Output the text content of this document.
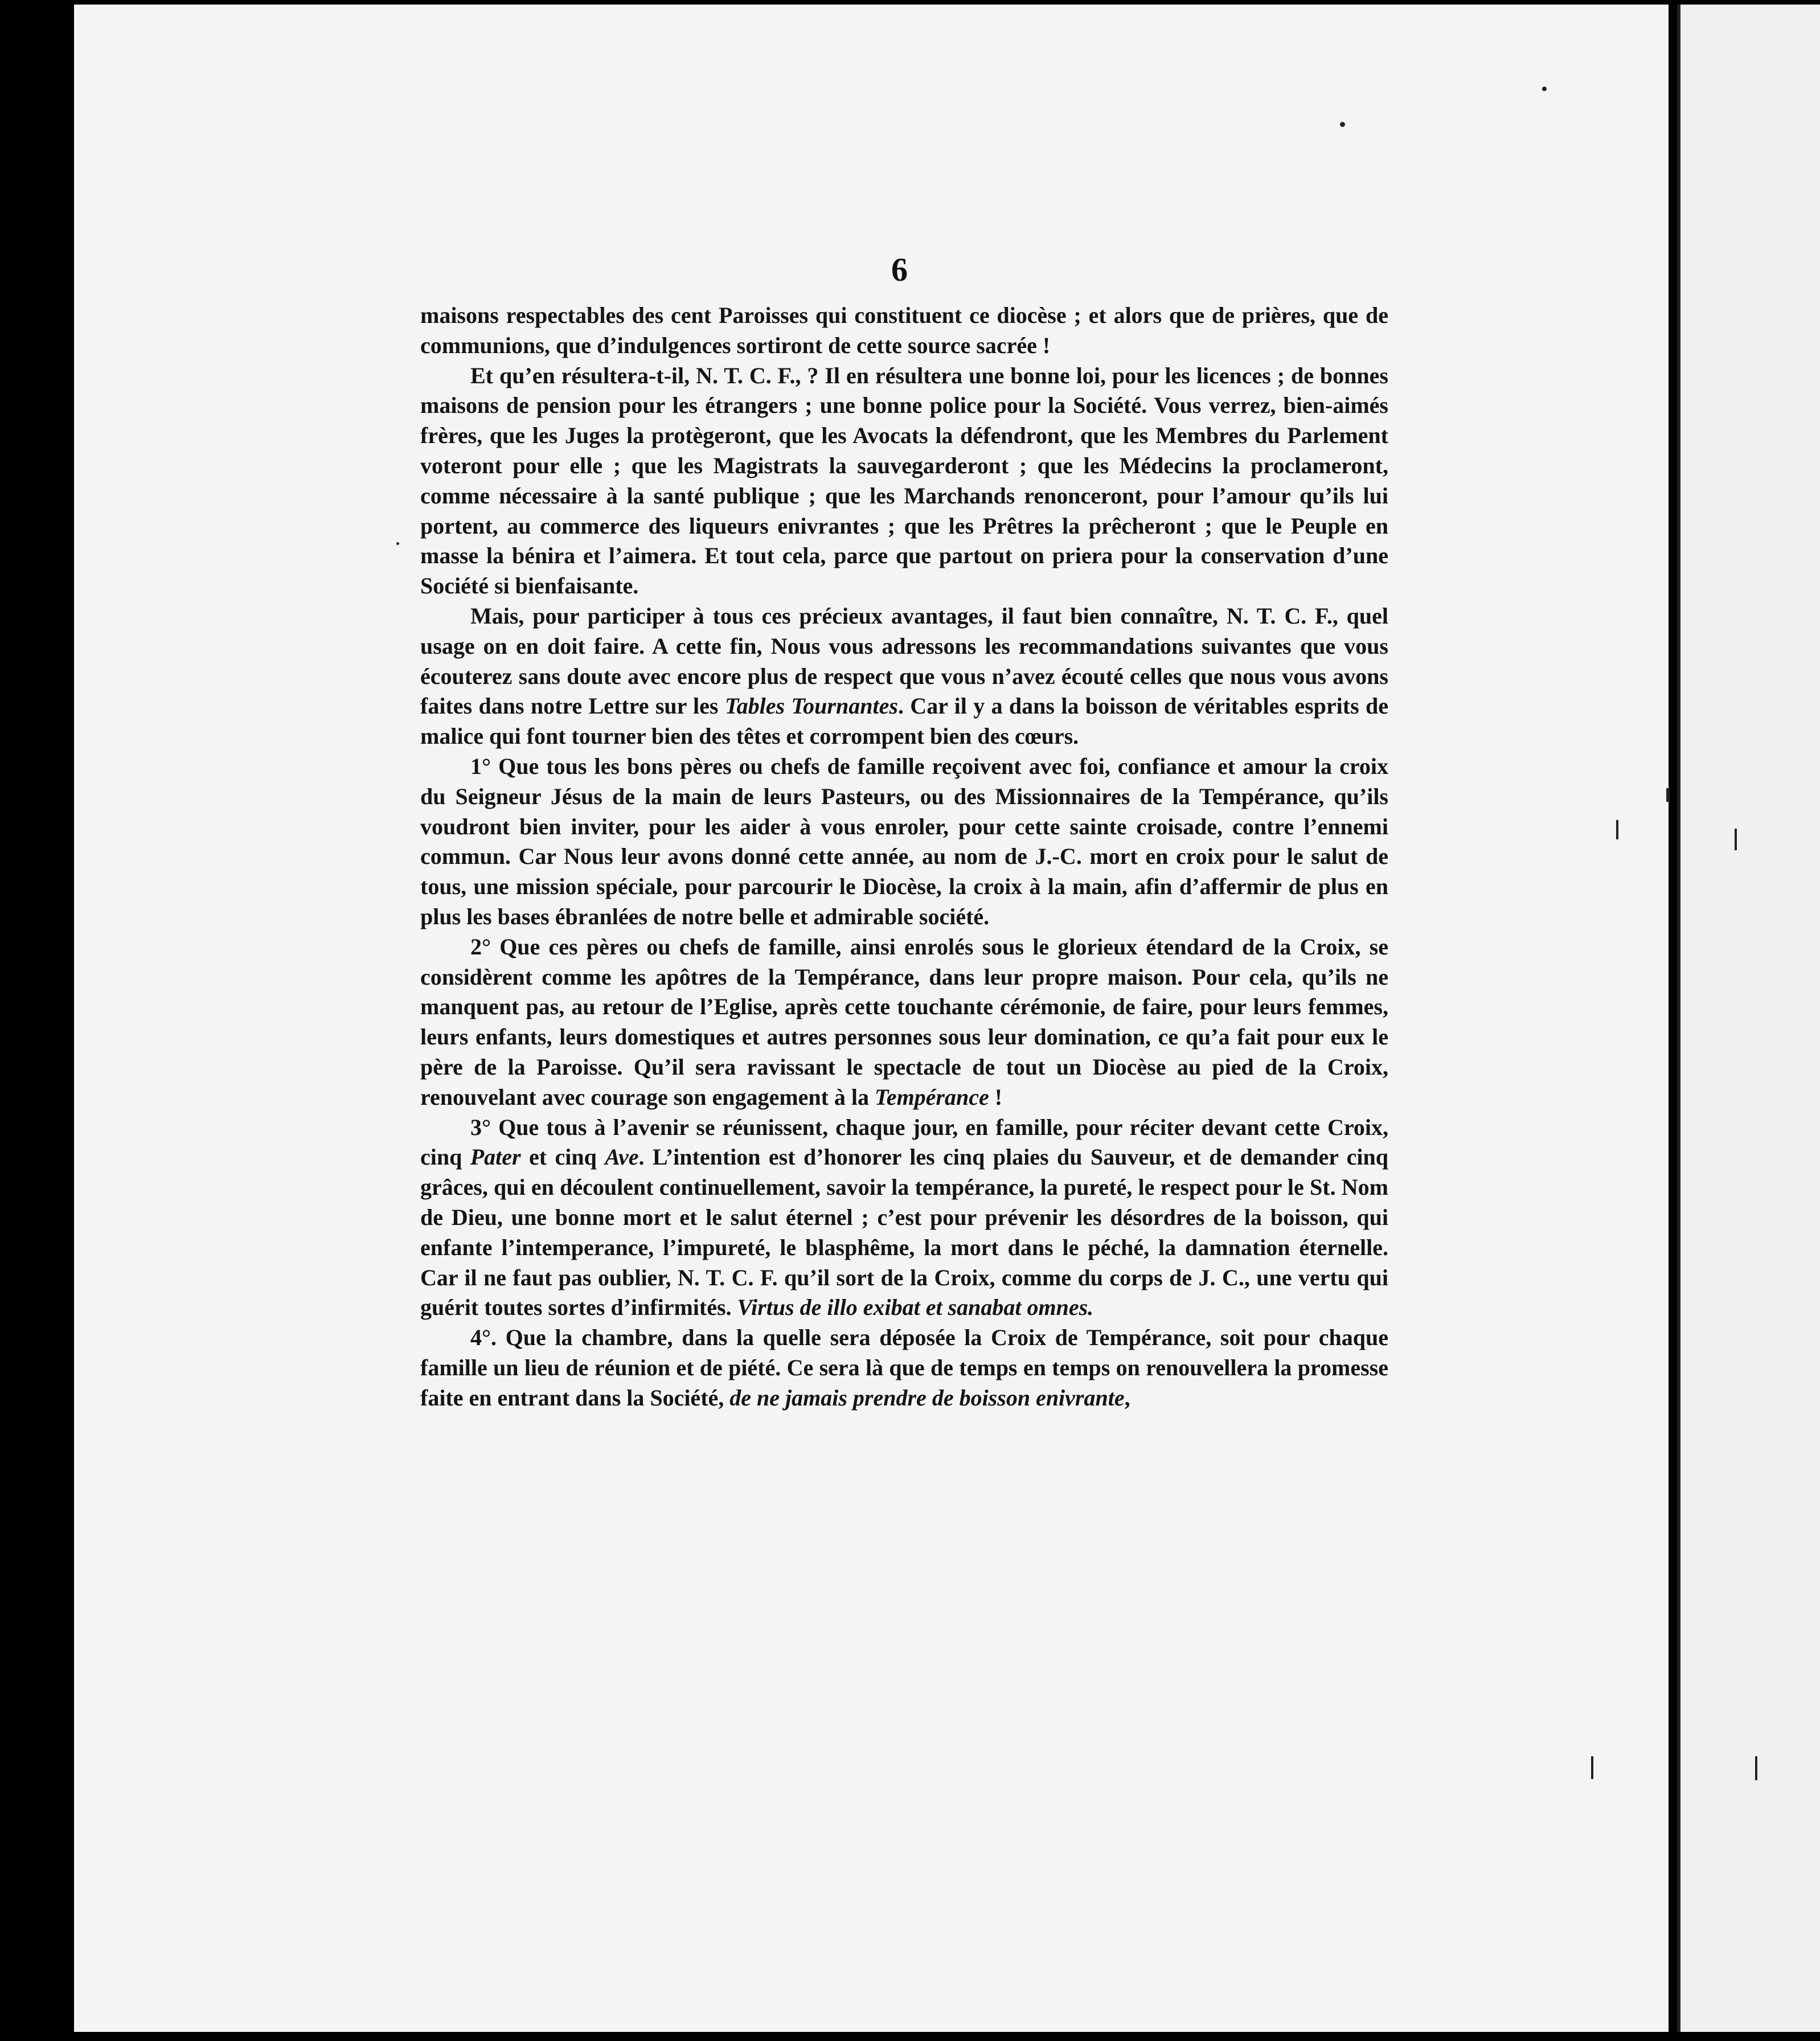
6

maisons respectables des cent Paroisses qui constituent ce diocèse ; et alors que de prières, que de communions, que d’indulgences sortiront de cette source sacrée !

Et qu’en résultera-t-il, N. T. C. F., ? Il en résultera une bonne loi, pour les licences ; de bonnes maisons de pension pour les étrangers ; une bonne police pour la Société. Vous verrez, bien-aimés frères, que les Juges la protègeront, que les Avocats la défendront, que les Membres du Parlement voteront pour elle ; que les Magistrats la sauvegarderont ; que les Médecins la proclameront, comme nécessaire à la santé publique ; que les Marchands renonceront, pour l’amour qu’ils lui portent, au commerce des liqueurs enivrantes ; que les Prêtres la prêcheront ; que le Peuple en masse la bénira et l’aimera. Et tout cela, parce que partout on priera pour la conservation d’une Société si bienfaisante.

Mais, pour participer à tous ces précieux avantages, il faut bien connaître, N. T. C. F., quel usage on en doit faire. A cette fin, Nous vous adressons les recommandations suivantes que vous écouterez sans doute avec encore plus de respect que vous n’avez écouté celles que nous vous avons faites dans notre Lettre sur les Tables Tournantes. Car il y a dans la boisson de véritables esprits de malice qui font tourner bien des têtes et corrompent bien des cœurs.

1° Que tous les bons pères ou chefs de famille reçoivent avec foi, confiance et amour la croix du Seigneur Jésus de la main de leurs Pasteurs, ou des Missionnaires de la Tempérance, qu’ils voudront bien inviter, pour les aider à vous enroler, pour cette sainte croisade, contre l’ennemi commun. Car Nous leur avons donné cette année, au nom de J.-C. mort en croix pour le salut de tous, une mission spéciale, pour parcourir le Diocèse, la croix à la main, afin d’affermir de plus en plus les bases ébranlées de notre belle et admirable société.

2° Que ces pères ou chefs de famille, ainsi enrolés sous le glorieux étendard de la Croix, se considèrent comme les apôtres de la Tempérance, dans leur propre maison. Pour cela, qu’ils ne manquent pas, au retour de l’Eglise, après cette touchante cérémonie, de faire, pour leurs femmes, leurs enfants, leurs domestiques et autres personnes sous leur domination, ce qu’a fait pour eux le père de la Paroisse. Qu’il sera ravissant le spectacle de tout un Diocèse au pied de la Croix, renouvelant avec courage son engagement à la Tempérance !

3° Que tous à l’avenir se réunissent, chaque jour, en famille, pour réciter devant cette Croix, cinq Pater et cinq Ave. L’intention est d’honorer les cinq plaies du Sauveur, et de demander cinq grâces, qui en découlent continuellement, savoir la tempérance, la pureté, le respect pour le St. Nom de Dieu, une bonne mort et le salut éternel ; c’est pour prévenir les désordres de la boisson, qui enfante l’intemperance, l’impureté, le blasphême, la mort dans le péché, la damnation éternelle. Car il ne faut pas oublier, N. T. C. F. qu’il sort de la Croix, comme du corps de J. C., une vertu qui guérit toutes sortes d’infirmités. Virtus de illo exibat et sanabat omnes.

4°. Que la chambre, dans la quelle sera déposée la Croix de Tempérance, soit pour chaque famille un lieu de réunion et de piété. Ce sera là que de temps en temps on renouvellera la promesse faite en entrant dans la Société, de ne jamais prendre de boisson enivrante,
